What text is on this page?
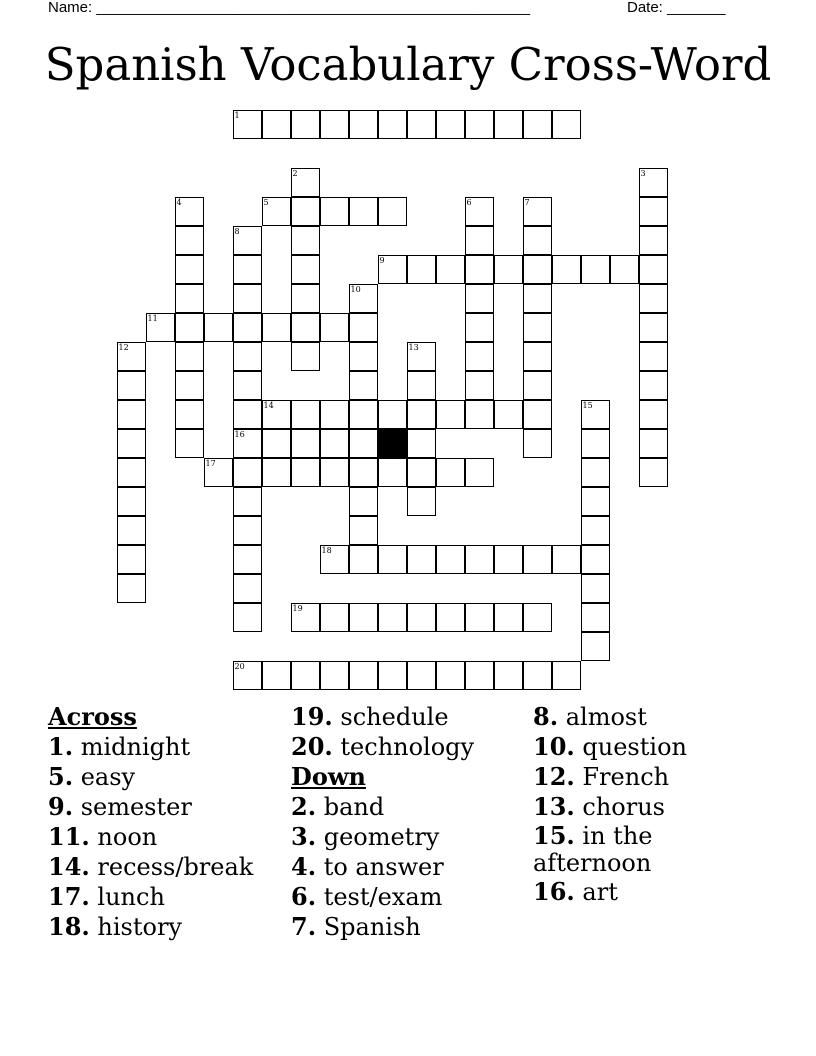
Name: ____________________________________________________	Date: _______
Spanish Vocabulary Cross-Word
1
2	3
4	5	6	7
8
16
9
10
11
12	13
14	15
17
18
19
20
Across
1. midnight
5. easy
9. semester
11. noon
14. recess/break
17. lunch
18. history
19. schedule
20. technology
Down
2. band
3. geometry
4. to answer
6. test/exam
7. Spanish
8. almost
10. question
12. French
13. chorus
15. in the afternoon
16. art
